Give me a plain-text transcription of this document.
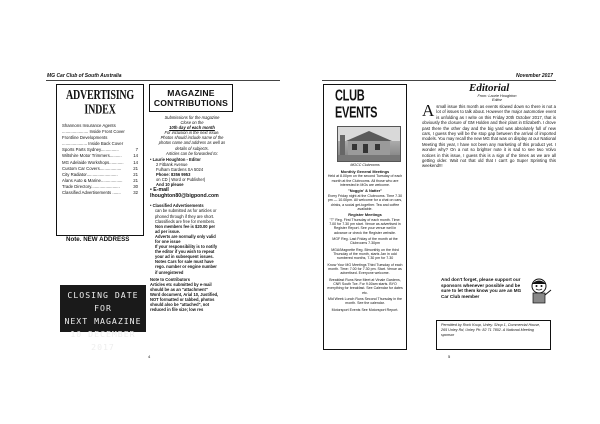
MG Car Club of South Australia	November 2017
ADVERTISING INDEX
Shannons Insurance Agents
...................... Inside Front Cover
Frontline Developments
..................... Inside Back Cover
Sports Parts Sydney...............	7
Wiltshire Motor Trimmers..........	14
MG Adelaide Workshops............ 14
Custom Car Covers..................	21
City Radiator..........................	21
Alans Auto & Marine..................	21
Trade Directory........................	30
Classified Advertisements .......	32
Note. NEW ADDRESS
CLOSING DATE FOR
NEXT MAGAZINE
10 DECEMBER 2017
MAGAZINE
CONTRIBUTIONS
Submissions for the magazine
Close on the
10th day of each month
For inclusion in the next issue.
Photos should include name of the
photos name and address as well as
details of subjects.
Articles can be forwarded to:
• Laurie Houghton - Editor
2 Fitbank Avenue
Fulham Gardens SA 5024
Phone: 8356 9953
on CD ( Word or Publisher)
And 10 please
• E-mail
lhoughton80@bigpond.com
• Classified Advertisements
can be submitted as for articles or
phoned through if they are short.
Classifieds are free for members.
Non members fee is $20.00 per
ad per issue.
Adverts are normally only valid
for one issue
If your responsibility is to notify
the editor if you wish to repeat
your ad in subsequent issues.
Notes Cars for sale must have
rego. number or engine number
if unregistered
Note to Contributors
Articles etc submitted by e-mail
should be as an "attachment"
Word document, Arial 10, Justified,
NOT formatted or tabbed, photos
should also be "attached", not
reduced in file size; low res
4
CLUB EVENTS
MGCC Clubrooms
Monthly General Meetings
Held at 8.00pm on the second Tuesday of each month at the Clubrooms. All those who are interested in MGs are welcome.
"Noggin' & Natter"
Every Friday night at the Clubrooms. Time 7.30 pm — 10.00pm. All welcome for a chat on cars, drinks, a social get-together. Tea and coffee available.
Register Meetings
"T" Reg. First Thursday of each month. Time: 7.00 for 7.30 pm start. Venue as advertised in Register Report. See your venue well in advance or check the Register website.
MGF Reg. Last Friday of the month at the Clubrooms 7.30pm
MGA/Magnette Reg. Bimonthly on the third Thursday of the month, starts Jan in odd numbered months, 7.30 pm for 7.30
Know Your MG Meetings Third Tuesday of each month. Time: 7.00 for 7.30 pm. Start. Venue as advertised. Everyone welcome.
Breakfast Runs New Meet at Vinale Gardens, CNR South Tce. For 9.00am starts. BYO everything for breakfast. See Calendar for dates etc.
Mid Week Lunch Runs Second Thursday in the month. See the calendar.
Motorsport Events See Motorsport Report.
Editorial
From: Laurie Houghton
Editor
Asmall issue this month as events slowed down so there is not a lot of issues to talk about. However the major automotive event is unfolding as I write on this Friday 20th October 2017, that is obviously the closure of GM Holden and their plant in Elizabeth. I drove past there the other day and the big yard was absolutely full of new cars, I guess they will be the stop gap between the arrival of imported models. You may recall the new MG that was on display at our National Meeting this year, I have not been any marketing of this product yet. I wonder why? On a not so brighter note it is sad to see two Volvo notices in this issue, I guess this is a sign of the times as we are all getting older. Wait not that old that I can't go Super Sprinting this weekend!!!
And don't forget, please support our sponsors whenever possible and be sure to let them know you are an MG Car Club member
Permitted by Rock Koup, Unley. Shop 1, Commercial House, 265 Unley Rd, Unley Ph: 82 71 7802. A National Meeting sponsor
5
